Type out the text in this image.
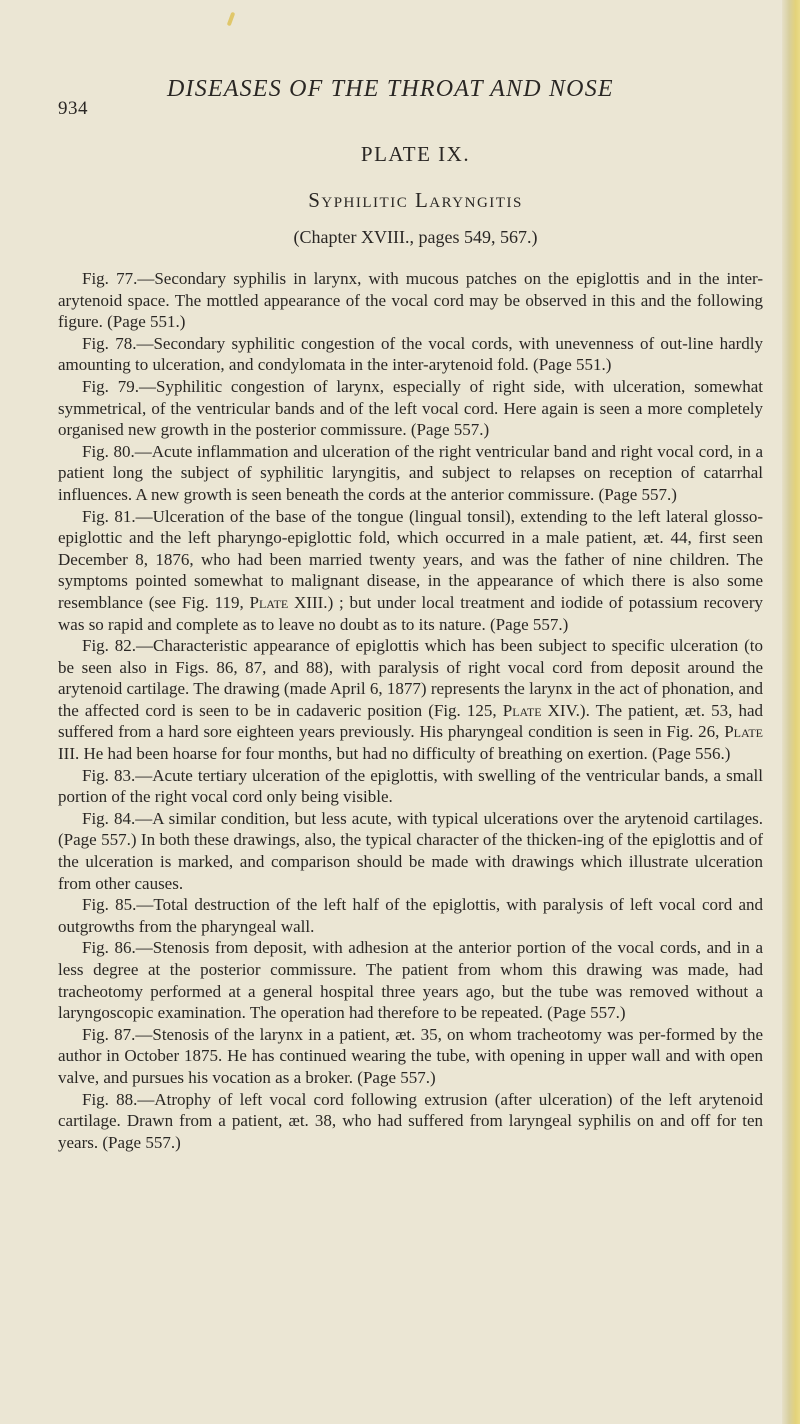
934
DISEASES OF THE THROAT AND NOSE
PLATE IX.
Syphilitic Laryngitis
(Chapter XVIII., pages 549, 567.)

Fig. 77.—Secondary syphilis in larynx, with mucous patches on the epiglottis and in the inter-arytenoid space. The mottled appearance of the vocal cord may be observed in this and the following figure. (Page 551.)

Fig. 78.—Secondary syphilitic congestion of the vocal cords, with unevenness of out-line hardly amounting to ulceration, and condylomata in the inter-arytenoid fold. (Page 551.)

Fig. 79.—Syphilitic congestion of larynx, especially of right side, with ulceration, somewhat symmetrical, of the ventricular bands and of the left vocal cord. Here again is seen a more completely organised new growth in the posterior commissure. (Page 557.)

Fig. 80.—Acute inflammation and ulceration of the right ventricular band and right vocal cord, in a patient long the subject of syphilitic laryngitis, and subject to relapses on reception of catarrhal influences. A new growth is seen beneath the cords at the anterior commissure. (Page 557.)

Fig. 81.—Ulceration of the base of the tongue (lingual tonsil), extending to the left lateral glosso-epiglottic and the left pharyngo-epiglottic fold, which occurred in a male patient, æt. 44, first seen December 8, 1876, who had been married twenty years, and was the father of nine children. The symptoms pointed somewhat to malignant disease, in the appearance of which there is also some resemblance (see Fig. 119, Plate XIII.) ; but under local treatment and iodide of potassium recovery was so rapid and complete as to leave no doubt as to its nature. (Page 557.)

Fig. 82.—Characteristic appearance of epiglottis which has been subject to specific ulceration (to be seen also in Figs. 86, 87, and 88), with paralysis of right vocal cord from deposit around the arytenoid cartilage. The drawing (made April 6, 1877) represents the larynx in the act of phonation, and the affected cord is seen to be in cadaveric position (Fig. 125, Plate XIV.). The patient, æt. 53, had suffered from a hard sore eighteen years previously. His pharyngeal condition is seen in Fig. 26, Plate III. He had been hoarse for four months, but had no difficulty of breathing on exertion. (Page 556.)

Fig. 83.—Acute tertiary ulceration of the epiglottis, with swelling of the ventricular bands, a small portion of the right vocal cord only being visible.

Fig. 84.—A similar condition, but less acute, with typical ulcerations over the arytenoid cartilages. (Page 557.) In both these drawings, also, the typical character of the thicken-ing of the epiglottis and of the ulceration is marked, and comparison should be made with drawings which illustrate ulceration from other causes.

Fig. 85.—Total destruction of the left half of the epiglottis, with paralysis of left vocal cord and outgrowths from the pharyngeal wall.

Fig. 86.—Stenosis from deposit, with adhesion at the anterior portion of the vocal cords, and in a less degree at the posterior commissure. The patient from whom this drawing was made, had tracheotomy performed at a general hospital three years ago, but the tube was removed without a laryngoscopic examination. The operation had therefore to be repeated. (Page 557.)

Fig. 87.—Stenosis of the larynx in a patient, æt. 35, on whom tracheotomy was per-formed by the author in October 1875. He has continued wearing the tube, with opening in upper wall and with open valve, and pursues his vocation as a broker. (Page 557.)

Fig. 88.—Atrophy of left vocal cord following extrusion (after ulceration) of the left arytenoid cartilage. Drawn from a patient, æt. 38, who had suffered from laryngeal syphilis on and off for ten years. (Page 557.)
